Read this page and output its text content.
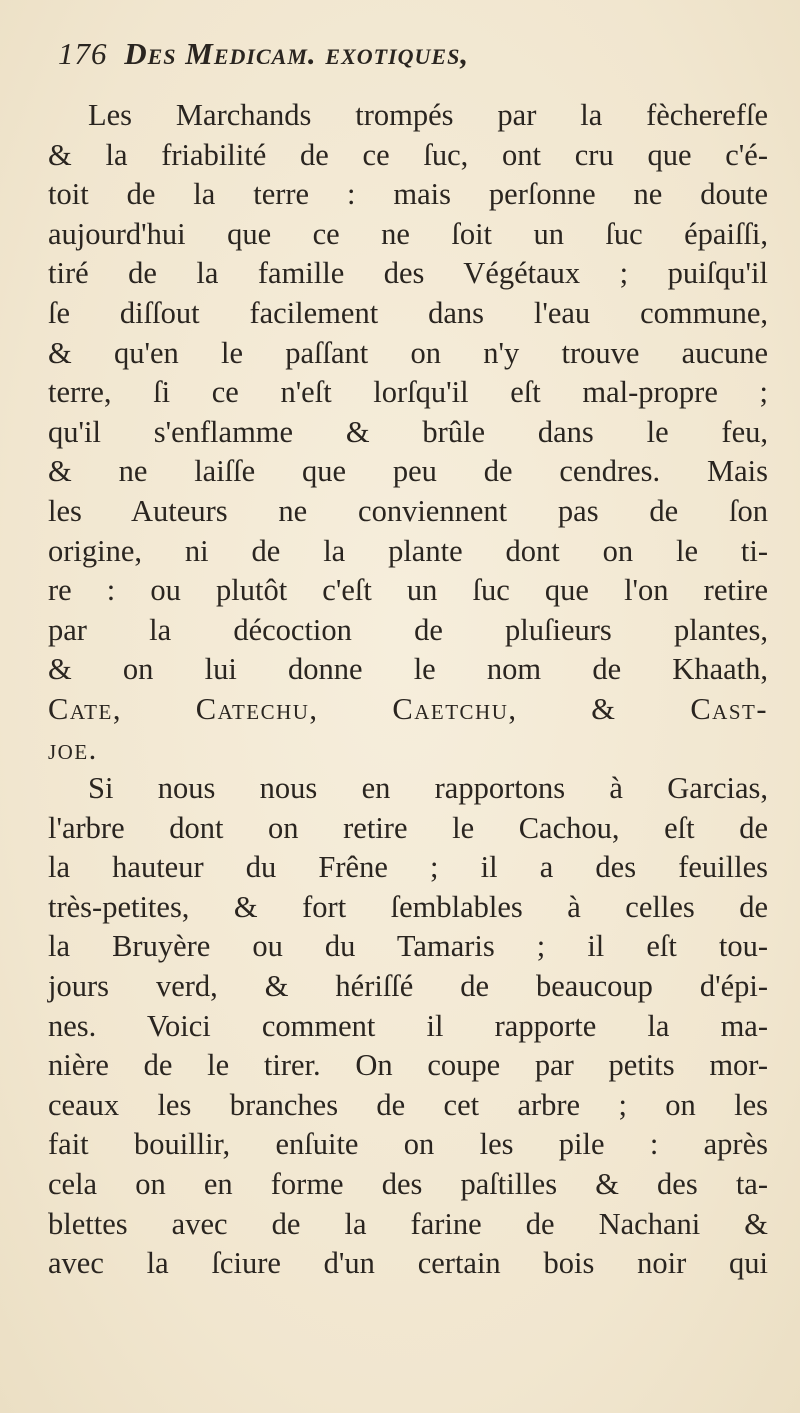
176 Des Medicam. exotiques,
Les Marchands trompés par la fècherefſe
& la friabilité de ce ſuc, ont cru que c'é-
toit de la terre : mais perſonne ne doute
aujourd'hui que ce ne ſoit un ſuc épaiſſi,
tiré de la famille des Végétaux ; puiſqu'il
ſe diſſout facilement dans l'eau commune,
& qu'en le paſſant on n'y trouve aucune
terre, ſi ce n'eſt lorſqu'il eſt mal-propre ;
qu'il s'enflamme & brûle dans le feu,
& ne laiſſe que peu de cendres. Mais
les Auteurs ne conviennent pas de ſon
origine, ni de la plante dont on le ti-
re : ou plutôt c'eſt un ſuc que l'on retire
par la décoction de pluſieurs plantes,
& on lui donne le nom de Khaath,
Cate, Catechu, Caetchu, & Cast-
joe.
Si nous nous en rapportons à Garcias,
l'arbre dont on retire le Cachou, eſt de
la hauteur du Frêne ; il a des feuilles
très-petites, & fort ſemblables à celles de
la Bruyère ou du Tamaris ; il eſt tou-
jours verd, & hériſſé de beaucoup d'épi-
nes. Voici comment il rapporte la ma-
nière de le tirer. On coupe par petits mor-
ceaux les branches de cet arbre ; on les
fait bouillir, enſuite on les pile : après
cela on en forme des paſtilles & des ta-
blettes avec de la farine de Nachani &
avec la ſciure d'un certain bois noir qui
